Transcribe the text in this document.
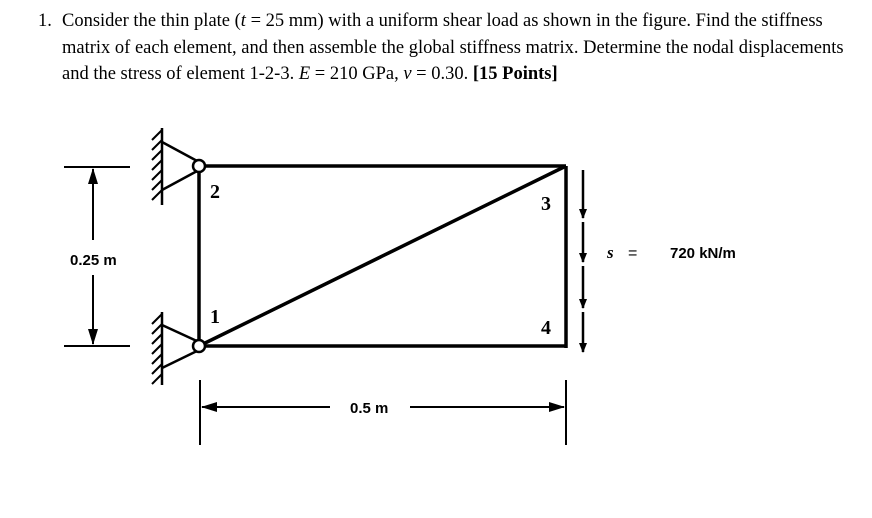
1. Consider the thin plate (t = 25 mm) with a uniform shear load as shown in the figure. Find the stiffness matrix of each element, and then assemble the global stiffness matrix. Determine the nodal displacements and the stress of element 1-2-3. E = 210 GPa, v = 0.30. [15 Points]
2
1
3
4
0.25 m
0.5 m
s = 720 kN/m
